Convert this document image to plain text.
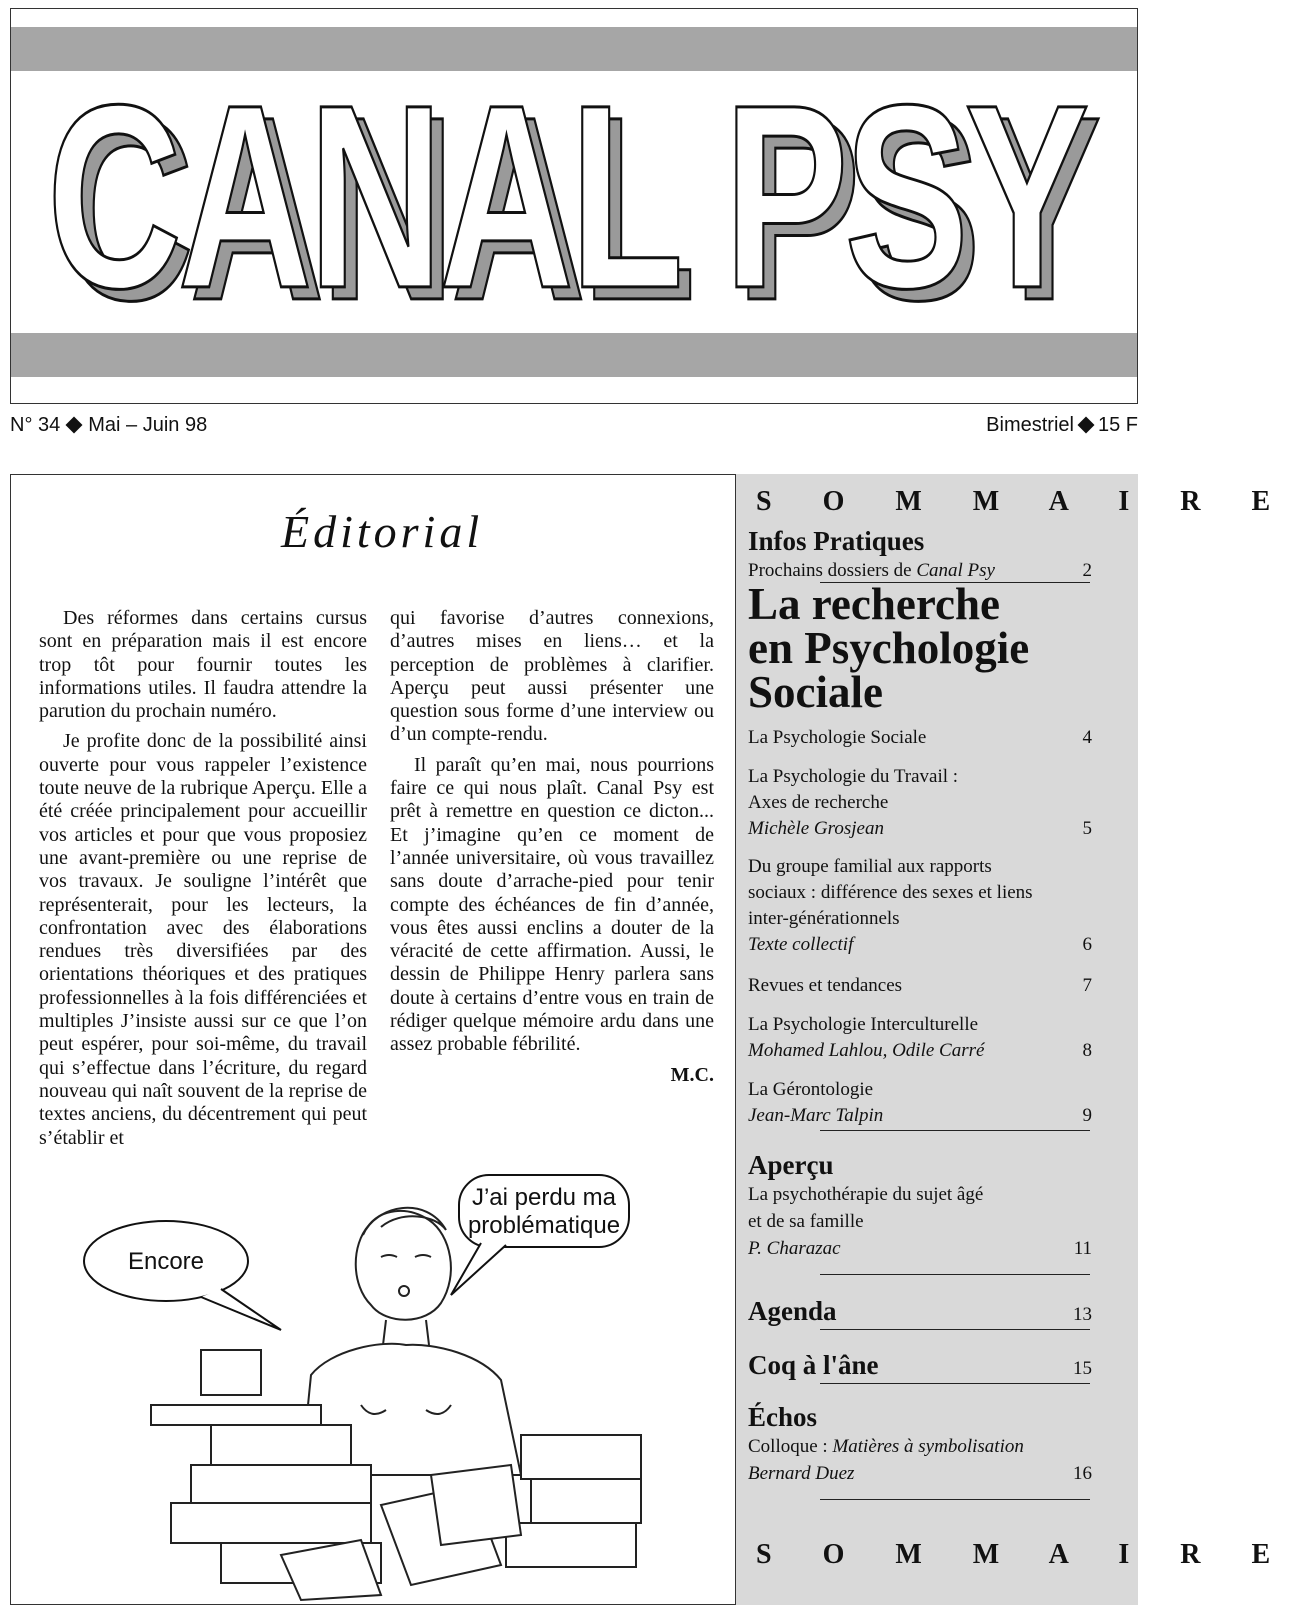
CANAL PSY
CANAL PSY
N° 34 Mai – Juin 98	Bimestriel 15 F
Éditorial

Des réformes dans certains cursus sont en préparation mais il est encore trop tôt pour fournir toutes les informations utiles. Il faudra attendre la parution du prochain numéro.

Je profite donc de la possibilité ainsi ouverte pour vous rappeler l’existence toute neuve de la rubrique Aperçu. Elle a été créée principalement pour accueillir vos articles et pour que vous proposiez une avant-première ou une reprise de vos travaux. Je souligne l’intérêt que représenterait, pour les lecteurs, la confrontation avec des élaborations rendues très diversifiées par des orientations théoriques et des pratiques professionnelles à la fois différenciées et multiples J’insiste aussi sur ce que l’on peut espérer, pour soi-même, du travail qui s’effectue dans l’écriture, du regard nouveau qui naît souvent de la reprise de textes anciens, du décentrement qui peut s’établir et

qui favorise d’autres connexions, d’autres mises en liens… et la perception de problèmes à clarifier. Aperçu peut aussi présenter une question sous forme d’une interview ou d’un compte-rendu.

Il paraît qu’en mai, nous pourrions faire ce qui nous plaît. Canal Psy est prêt à remettre en question ce dicton... Et j’imagine qu’en ce moment de l’année universitaire, où vous travaillez sans doute d’arrache-pied pour tenir compte des échéances de fin d’année, vous êtes aussi enclins a douter de la véracité de cette affirmation. Aussi, le dessin de Philippe Henry parlera sans doute à certains d’entre vous en train de rédiger quelque mémoire ardu dans une assez probable fébrilité.

M.C.
Encore
J’ai perdu ma
problématique
S O M M A I R E
Infos Pratiques
Prochains dossiers de Canal Psy	2
La recherche
en Psychologie
Sociale
La Psychologie Sociale	4
La Psychologie du Travail :
Axes de recherche
Michèle Grosjean	5
Du groupe familial aux rapports
sociaux : différence des sexes et liens
inter-générationnels
Texte collectif	6
Revues et tendances	7
La Psychologie Interculturelle
Mohamed Lahlou, Odile Carré	8
La Gérontologie
Jean-Marc Talpin	9
Aperçu
La psychothérapie du sujet âgé
et de sa famille
P. Charazac	11
Agenda	13
Coq à l'âne	15
Échos
Colloque : Matières à symbolisation
Bernard Duez	16
S O M M A I R E
